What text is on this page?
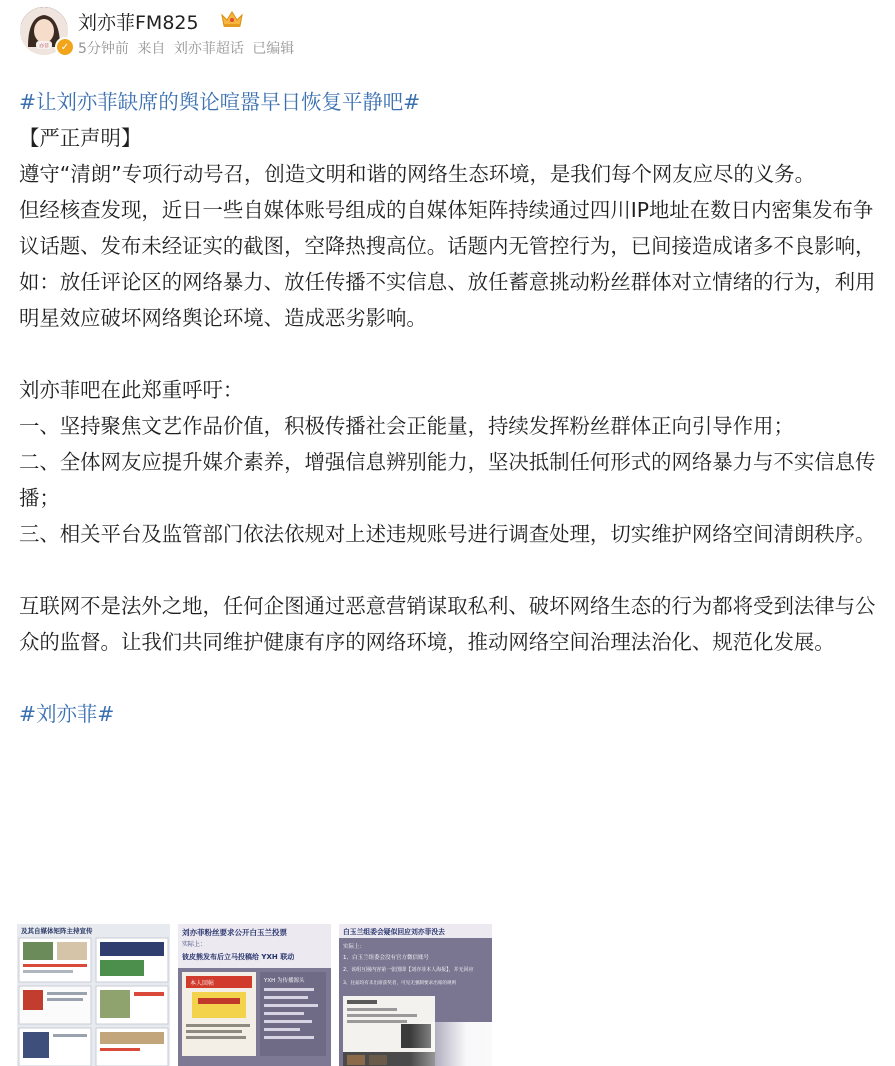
亦菲	✓
刘亦菲FM825
5分钟前 来自 刘亦菲超话 已编辑

#让刘亦菲缺席的舆论喧嚣早日恢复平静吧#

【严正声明】

遵守“清朗”专项行动号召，创造文明和谐的网络生态环境，是我们每个网友应尽的义务。

但经核查发现，近日一些自媒体账号组成的自媒体矩阵持续通过四川IP地址在数日内密集发布争议话题、发布未经证实的截图，空降热搜高位。话题内无管控行为，已间接造成诸多不良影响，如：放任评论区的网络暴力、放任传播不实信息、放任蓄意挑动粉丝群体对立情绪的行为，利用明星效应破坏网络舆论环境、造成恶劣影响。

刘亦菲吧在此郑重呼吁：

一、坚持聚焦文艺作品价值，积极传播社会正能量，持续发挥粉丝群体正向引导作用；

二、全体网友应提升媒介素养，增强信息辨别能力，坚决抵制任何形式的网络暴力与不实信息传播；

三、相关平台及监管部门依法依规对上述违规账号进行调查处理，切实维护网络空间清朗秩序。

互联网不是法外之地，任何企图通过恶意营销谋取私利、破坏网络生态的行为都将受到法律与公众的监督。让我们共同维护健康有序的网络环境，推动网络空间治理法治化、规范化发展。

#刘亦菲#

及其自媒体矩阵主持宣传	刘亦菲粉丝要求公开白玉兰投票
实际上：
彼皮熊发布后立马投稿给 YXH 联动
本人回帖	YXH 为传播源头
白玉兰组委会疑似回应刘亦菲没去
实际上：
1、白玉兰组委会没有官方微信账号
2、该组互圈内容第一张图即【刘亦菲本人海报】，并无回应
3、往届均有未出席获奖者，可见无强制要求出席的规则
